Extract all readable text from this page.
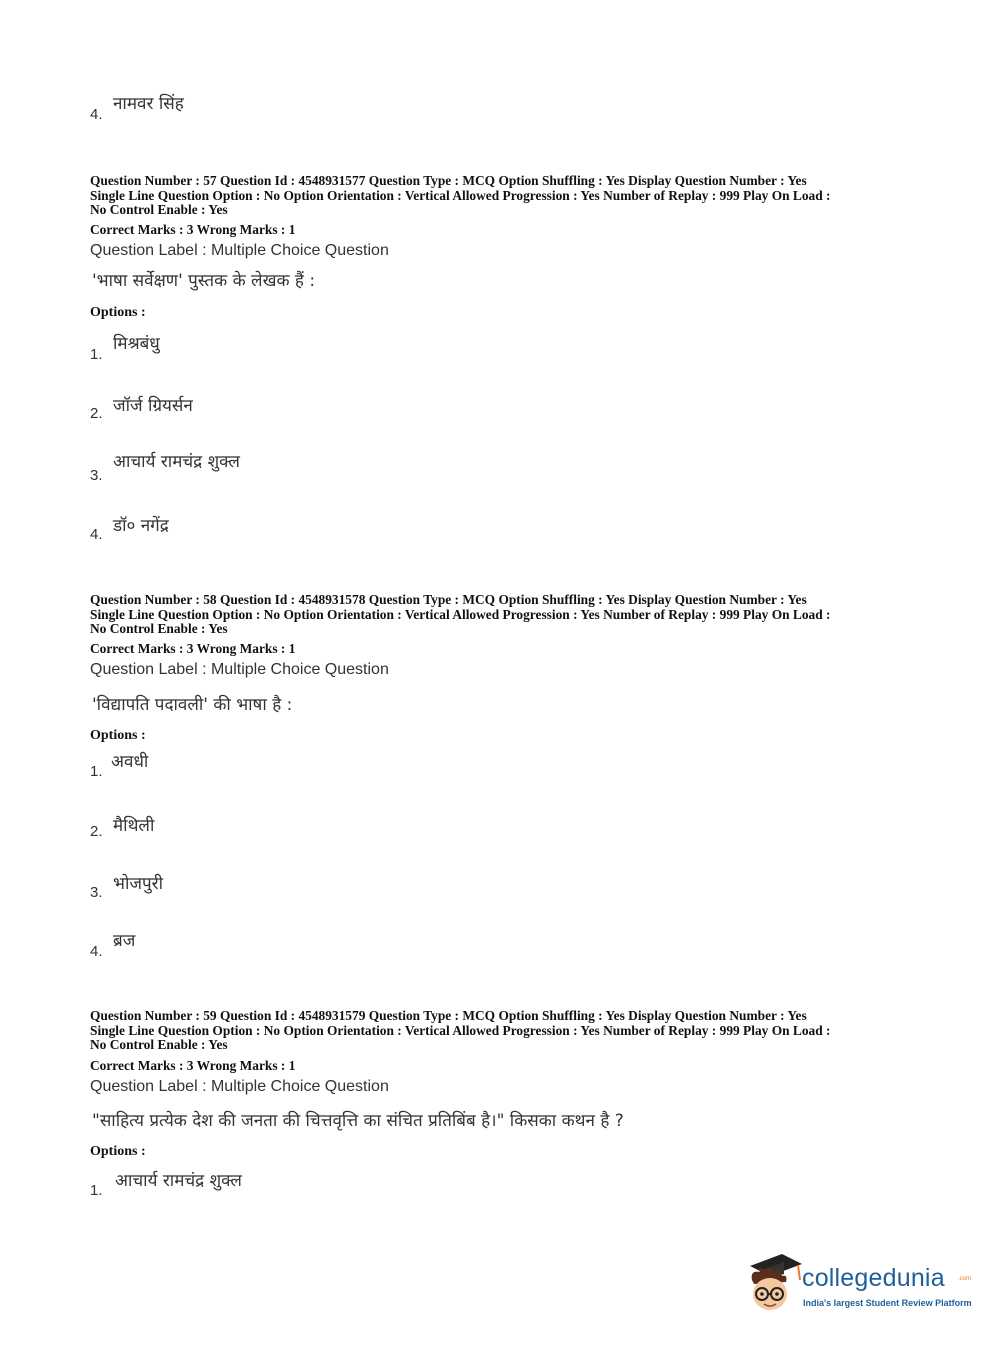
4.
नामवर सिंह
Question Number : 57 Question Id : 4548931577 Question Type : MCQ Option Shuffling : Yes Display Question Number : Yes
Single Line Question Option : No Option Orientation : Vertical Allowed Progression : Yes Number of Replay : 999 Play On Load :
No Control Enable : Yes
Correct Marks : 3 Wrong Marks : 1
Question Label : Multiple Choice Question
'भाषा सर्वेक्षण' पुस्तक के लेखक हैं :
Options :
1.
मिश्रबंधु
2. जॉर्ज ग्रियर्सन
3.
आचार्य रामचंद्र शुक्ल
4. डॉ० नगेंद्र
Question Number : 58 Question Id : 4548931578 Question Type : MCQ Option Shuffling : Yes Display Question Number : Yes
Single Line Question Option : No Option Orientation : Vertical Allowed Progression : Yes Number of Replay : 999 Play On Load :
No Control Enable : Yes
Correct Marks : 3 Wrong Marks : 1
Question Label : Multiple Choice Question
'विद्यापति पदावली' की भाषा है :
Options :
1. अवधी
2. मैथिली
3. भोजपुरी
4.
ब्रज
Question Number : 59 Question Id : 4548931579 Question Type : MCQ Option Shuffling : Yes Display Question Number : Yes
Single Line Question Option : No Option Orientation : Vertical Allowed Progression : Yes Number of Replay : 999 Play On Load :
No Control Enable : Yes
Correct Marks : 3 Wrong Marks : 1
Question Label : Multiple Choice Question
"साहित्य प्रत्येक देश की जनता की चित्तवृत्ति का संचित प्रतिबिंब है।" किसका कथन है ?
Options :
1. आचार्य रामचंद्र शुक्ल
collegedunia .com
India's largest Student Review Platform
